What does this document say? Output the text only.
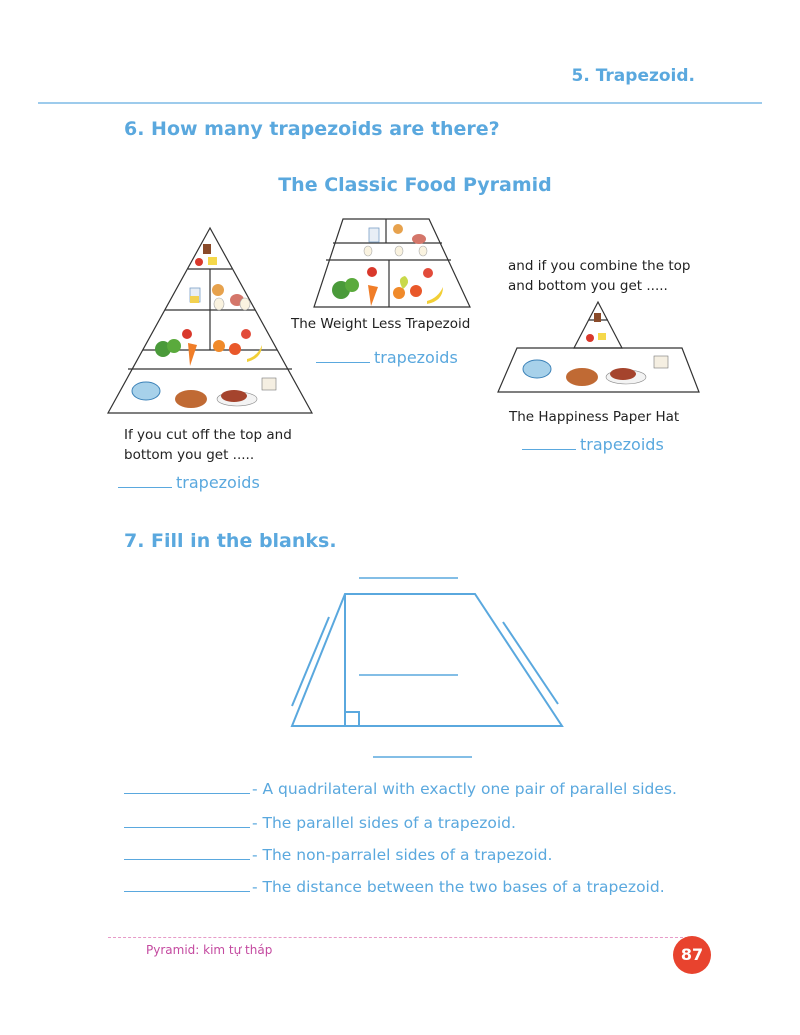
5. Trapezoid.
6. How many trapezoids are there?
The Classic Food Pyramid
If you cut off the top and
bottom you get .....
trapezoids
The Weight Less Trapezoid
trapezoids
and if you combine the top
and bottom you get .....
The Happiness Paper Hat
trapezoids
7. Fill in the blanks.
- A quadrilateral with exactly one pair of parallel sides.
- The parallel sides of a trapezoid.
- The non-parralel sides of a trapezoid.
- The distance between the two bases of a trapezoid.
Pyramid: kim tự tháp	87
